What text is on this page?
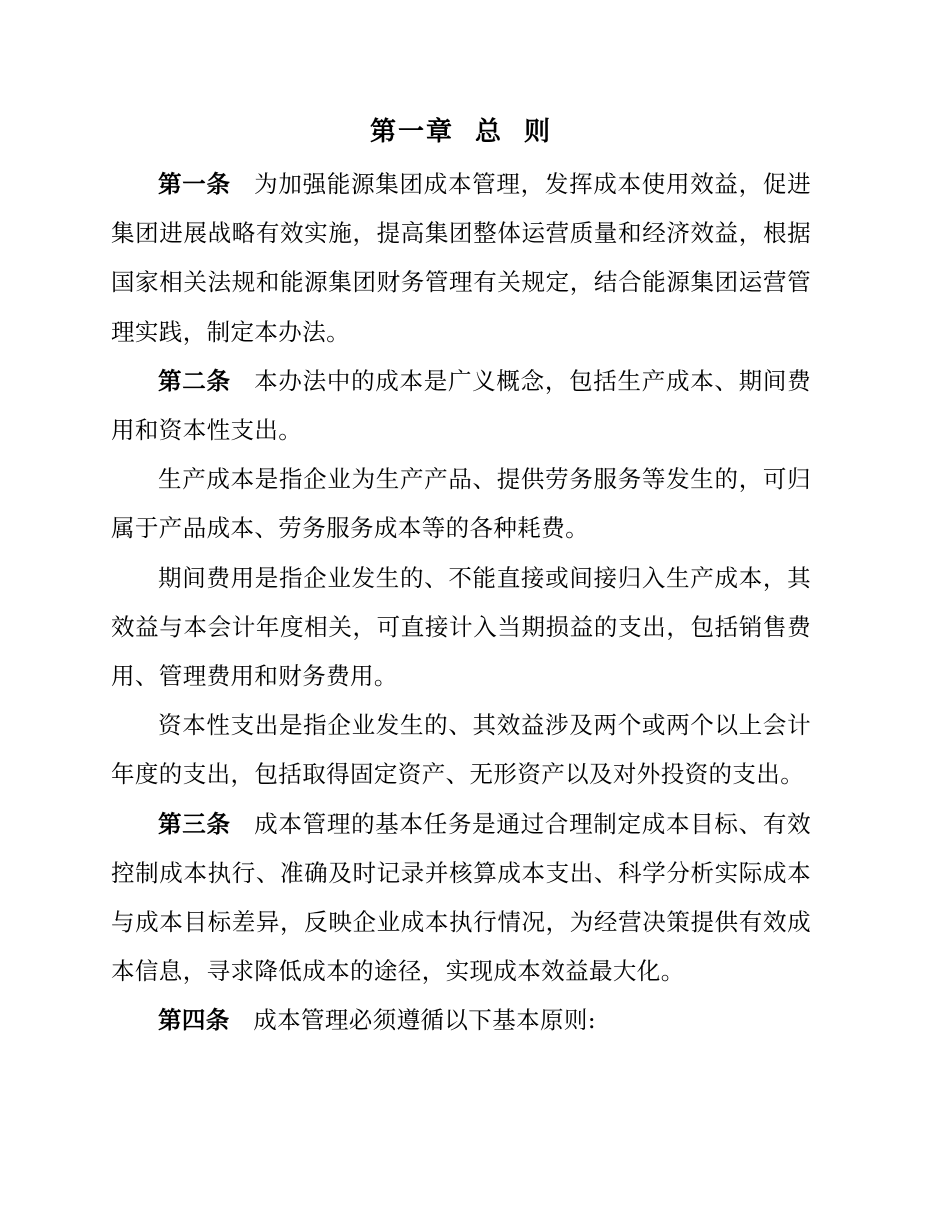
第一章 总 则

第一条 为加强能源集团成本管理，发挥成本使用效益，促进集团进展战略有效实施，提高集团整体运营质量和经济效益，根据国家相关法规和能源集团财务管理有关规定，结合能源集团运营管理实践，制定本办法。

第二条 本办法中的成本是广义概念，包括生产成本、期间费用和资本性支出。

生产成本是指企业为生产产品、提供劳务服务等发生的，可归属于产品成本、劳务服务成本等的各种耗费。

期间费用是指企业发生的、不能直接或间接归入生产成本，其效益与本会计年度相关，可直接计入当期损益的支出，包括销售费用、管理费用和财务费用。

资本性支出是指企业发生的、其效益涉及两个或两个以上会计年度的支出，包括取得固定资产、无形资产以及对外投资的支出。

第三条 成本管理的基本任务是通过合理制定成本目标、有效控制成本执行、准确及时记录并核算成本支出、科学分析实际成本与成本目标差异，反映企业成本执行情况，为经营决策提供有效成本信息，寻求降低成本的途径，实现成本效益最大化。

第四条 成本管理必须遵循以下基本原则:
